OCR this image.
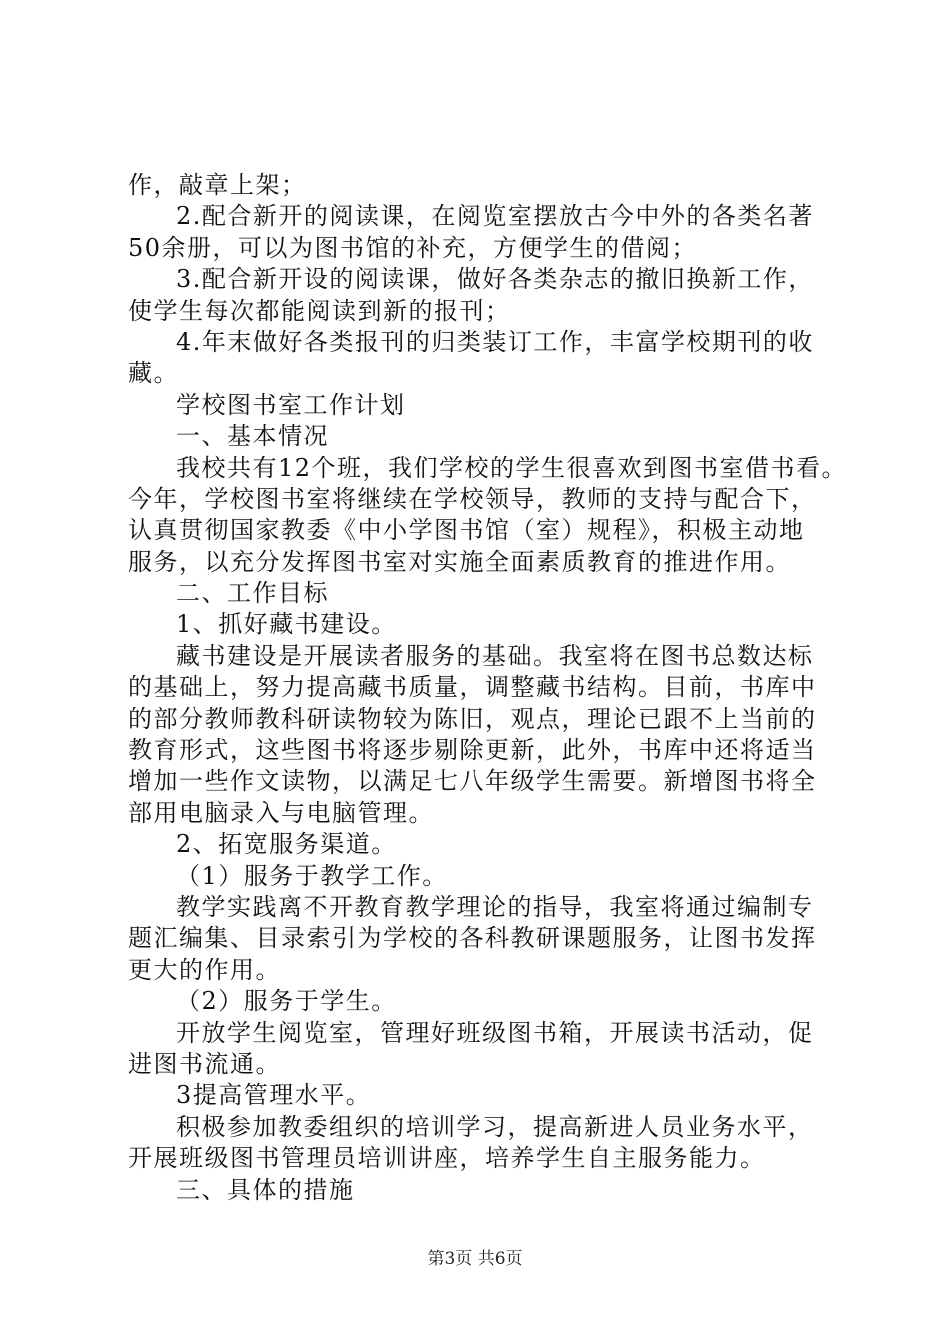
作，敲章上架；
2.配合新开的阅读课，在阅览室摆放古今中外的各类名著
50余册，可以为图书馆的补充，方便学生的借阅；
3.配合新开设的阅读课，做好各类杂志的撤旧换新工作，
使学生每次都能阅读到新的报刊；
4.年末做好各类报刊的归类装订工作，丰富学校期刊的收
藏。
学校图书室工作计划
一、基本情况
我校共有12个班，我们学校的学生很喜欢到图书室借书看。
今年，学校图书室将继续在学校领导，教师的支持与配合下，
认真贯彻国家教委《中小学图书馆（室）规程》，积极主动地
服务，以充分发挥图书室对实施全面素质教育的推进作用。
二、工作目标
1、抓好藏书建设。
藏书建设是开展读者服务的基础。我室将在图书总数达标
的基础上，努力提高藏书质量，调整藏书结构。目前，书库中
的部分教师教科研读物较为陈旧，观点，理论已跟不上当前的
教育形式，这些图书将逐步剔除更新，此外，书库中还将适当
增加一些作文读物，以满足七八年级学生需要。新增图书将全
部用电脑录入与电脑管理。
2、拓宽服务渠道。
（1）服务于教学工作。
教学实践离不开教育教学理论的指导，我室将通过编制专
题汇编集、目录索引为学校的各科教研课题服务，让图书发挥
更大的作用。
（2）服务于学生。
开放学生阅览室，管理好班级图书箱，开展读书活动，促
进图书流通。
3提高管理水平。
积极参加教委组织的培训学习，提高新进人员业务水平，
开展班级图书管理员培训讲座，培养学生自主服务能力。
三、具体的措施
第3页 共6页
